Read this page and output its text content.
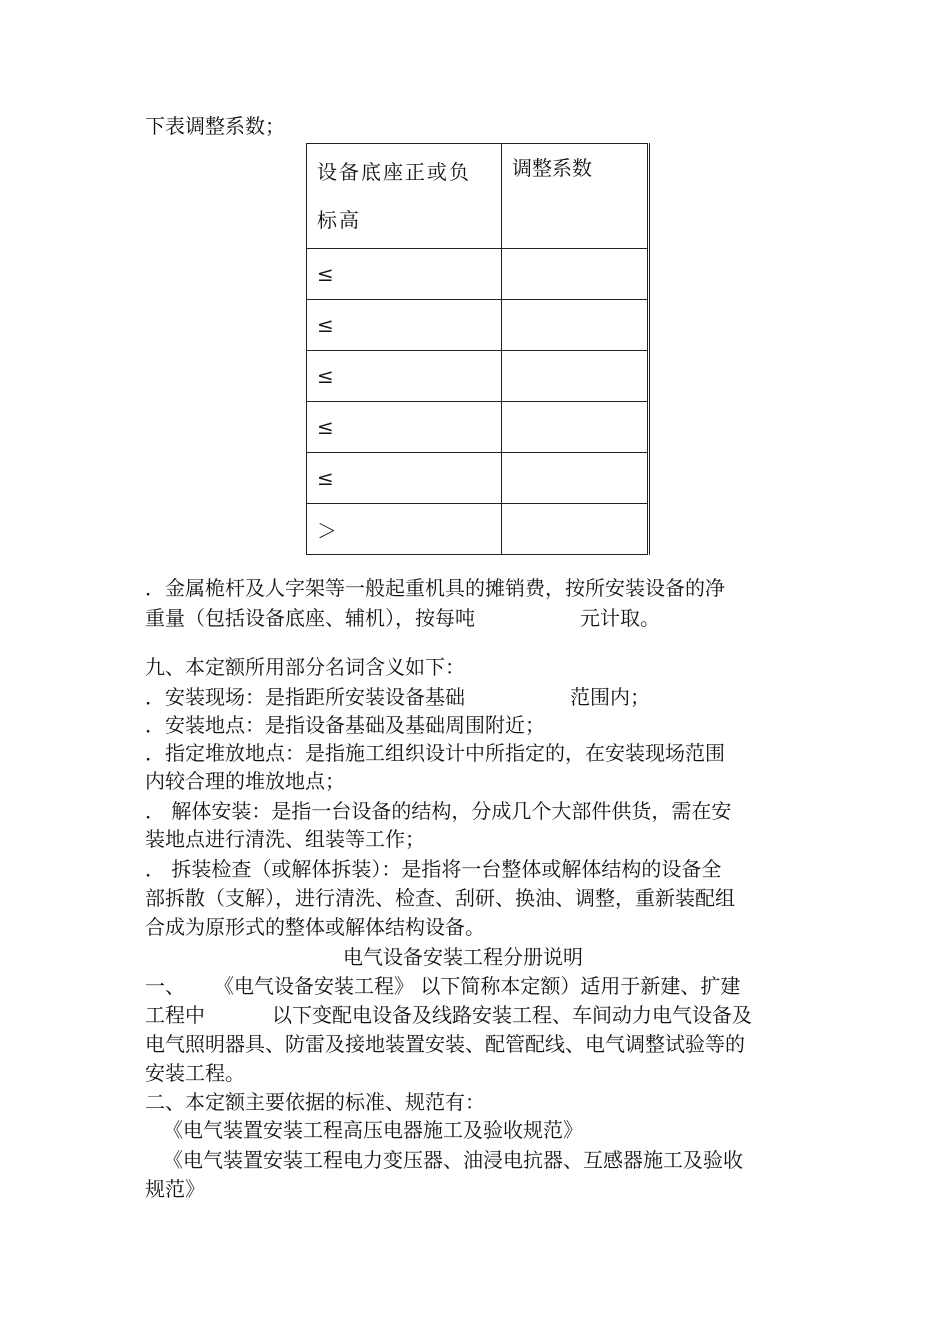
下表调整系数；
设备底座正或负
标高	调整系数
≤	
≤	
≤	
≤	
≤	
＞	
．金属桅杆及人字架等一般起重机具的摊销费，按所安装设备的净
重量（包括设备底座、辅机），按每吨	元计取。
九、本定额所用部分名词含义如下：
．安装现场：是指距所安装设备基础	范围内；
．安装地点：是指设备基础及基础周围附近；
．指定堆放地点：是指施工组织设计中所指定的，在安装现场范围
内较合理的堆放地点；
． 解体安装：是指一台设备的结构，分成几个大部件供货，需在安
装地点进行清洗、组装等工作；
． 拆装检查（或解体拆装）：是指将一台整体或解体结构的设备全
部拆散（支解），进行清洗、检查、刮研、换油、调整，重新装配组
合成为原形式的整体或解体结构设备。
电气设备安装工程分册说明
一、 《电气设备安装工程》 以下简称本定额）适用于新建、扩建
工程中	以下变配电设备及线路安装工程、车间动力电气设备及
电气照明器具、防雷及接地装置安装、配管配线、电气调整试验等的
安装工程。
二、本定额主要依据的标准、规范有：
《电气装置安装工程高压电器施工及验收规范》
《电气装置安装工程电力变压器、油浸电抗器、互感器施工及验收
规范》
